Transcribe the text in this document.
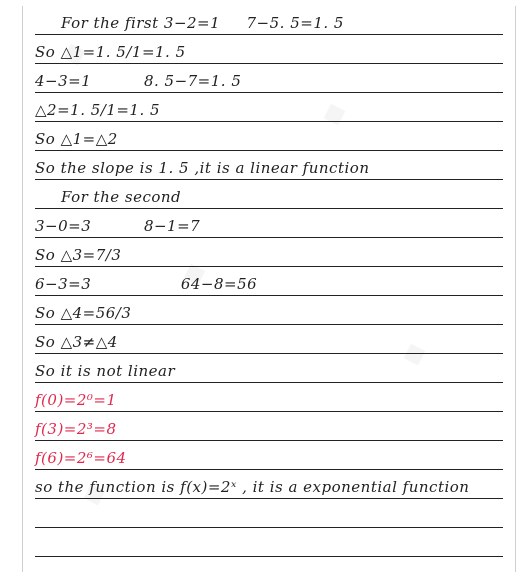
For the first 3−2=1     7−5. 5=1. 5
So △1=1. 5/1=1. 5
4−3=1          8. 5−7=1. 5
△2=1. 5/1=1. 5
So △1=△2
So the slope is 1. 5 ,it is a linear function
For the second
3−0=3          8−1=7
So △3=7/3
6−3=3                 64−8=56
So △4=56/3
So △3≠△4
So it is not linear
f(0)=2⁰=1
f(3)=2³=8
f(6)=2⁶=64
so the function is f(x)=2ˣ , it is a exponential function
